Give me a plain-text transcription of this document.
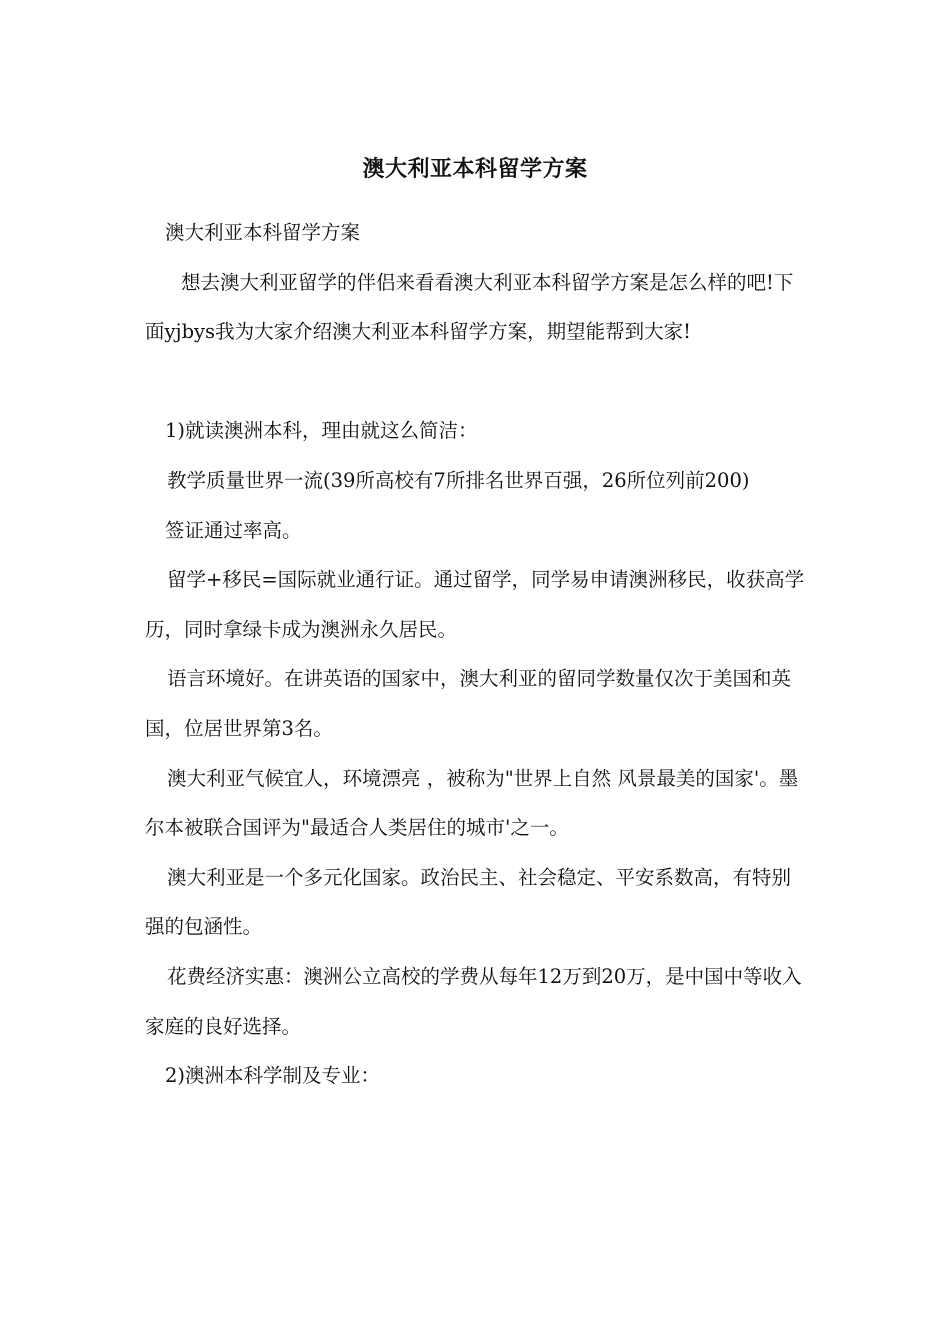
澳大利亚本科留学方案

澳大利亚本科留学方案

想去澳大利亚留学的伴侣来看看澳大利亚本科留学方案是怎么样的吧!下面yjbys我为大家介绍澳大利亚本科留学方案，期望能帮到大家!

1)就读澳洲本科，理由就这么简洁：

教学质量世界一流(39所高校有7所排名世界百强，26所位列前200)

签证通过率高。

留学+移民=国际就业通行证。通过留学，同学易申请澳洲移民，收获高学历，同时拿绿卡成为澳洲永久居民。

语言环境好。在讲英语的国家中，澳大利亚的留同学数量仅次于美国和英国，位居世界第3名。

澳大利亚气候宜人，环境漂亮 ，被称为"世界上自然 风景最美的国家'。墨尔本被联合国评为"最适合人类居住的城市'之一。

澳大利亚是一个多元化国家。政治民主、社会稳定、平安系数高，有特别强的包涵性。

花费经济实惠：澳洲公立高校的学费从每年12万到20万，是中国中等收入家庭的良好选择。

2)澳洲本科学制及专业：
